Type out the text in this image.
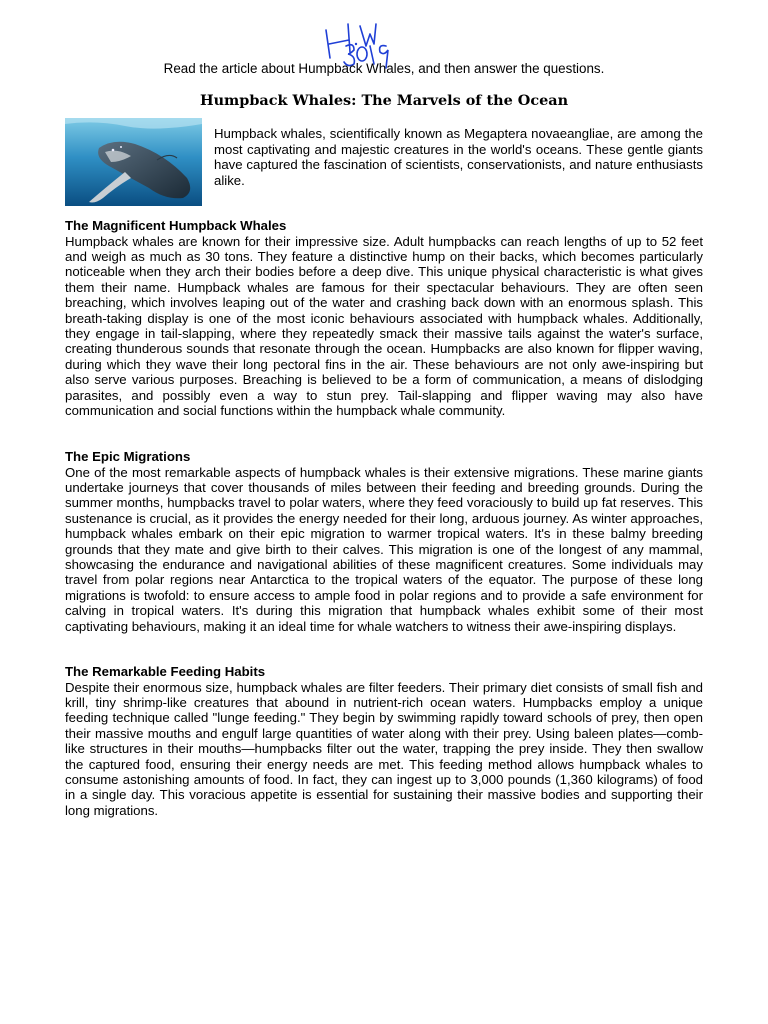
Read the article about Humpback Whales, and then answer the questions.
Humpback Whales: The Marvels of the Ocean

Humpback whales, scientifically known as Megaptera novaeangliae, are among the most captivating and majestic creatures in the world's oceans. These gentle giants have captured the fascination of scientists, conservationists, and nature enthusiasts alike.

The Magnificent Humpback Whales

Humpback whales are known for their impressive size. Adult humpbacks can reach lengths of up to 52 feet and weigh as much as 30 tons. They feature a distinctive hump on their backs, which becomes particularly noticeable when they arch their bodies before a deep dive. This unique physical characteristic is what gives them their name. Humpback whales are famous for their spectacular behaviours. They are often seen breaching, which involves leaping out of the water and crashing back down with an enormous splash. This breath-taking display is one of the most iconic behaviours associated with humpback whales. Additionally, they engage in tail-slapping, where they repeatedly smack their massive tails against the water's surface, creating thunderous sounds that resonate through the ocean. Humpbacks are also known for flipper waving, during which they wave their long pectoral fins in the air. These behaviours are not only awe-inspiring but also serve various purposes. Breaching is believed to be a form of communication, a means of dislodging parasites, and possibly even a way to stun prey. Tail-slapping and flipper waving may also have communication and social functions within the humpback whale community.

The Epic Migrations

One of the most remarkable aspects of humpback whales is their extensive migrations. These marine giants undertake journeys that cover thousands of miles between their feeding and breeding grounds. During the summer months, humpbacks travel to polar waters, where they feed voraciously to build up fat reserves. This sustenance is crucial, as it provides the energy needed for their long, arduous journey. As winter approaches, humpback whales embark on their epic migration to warmer tropical waters. It's in these balmy breeding grounds that they mate and give birth to their calves. This migration is one of the longest of any mammal, showcasing the endurance and navigational abilities of these magnificent creatures. Some individuals may travel from polar regions near Antarctica to the tropical waters of the equator. The purpose of these long migrations is twofold: to ensure access to ample food in polar regions and to provide a safe environment for calving in tropical waters. It's during this migration that humpback whales exhibit some of their most captivating behaviours, making it an ideal time for whale watchers to witness their awe-inspiring displays.

The Remarkable Feeding Habits

Despite their enormous size, humpback whales are filter feeders. Their primary diet consists of small fish and krill, tiny shrimp-like creatures that abound in nutrient-rich ocean waters. Humpbacks employ a unique feeding technique called "lunge feeding." They begin by swimming rapidly toward schools of prey, then open their massive mouths and engulf large quantities of water along with their prey. Using baleen plates—comb-like structures in their mouths—humpbacks filter out the water, trapping the prey inside. They then swallow the captured food, ensuring their energy needs are met. This feeding method allows humpback whales to consume astonishing amounts of food. In fact, they can ingest up to 3,000 pounds (1,360 kilograms) of food in a single day. This voracious appetite is essential for sustaining their massive bodies and supporting their long migrations.
